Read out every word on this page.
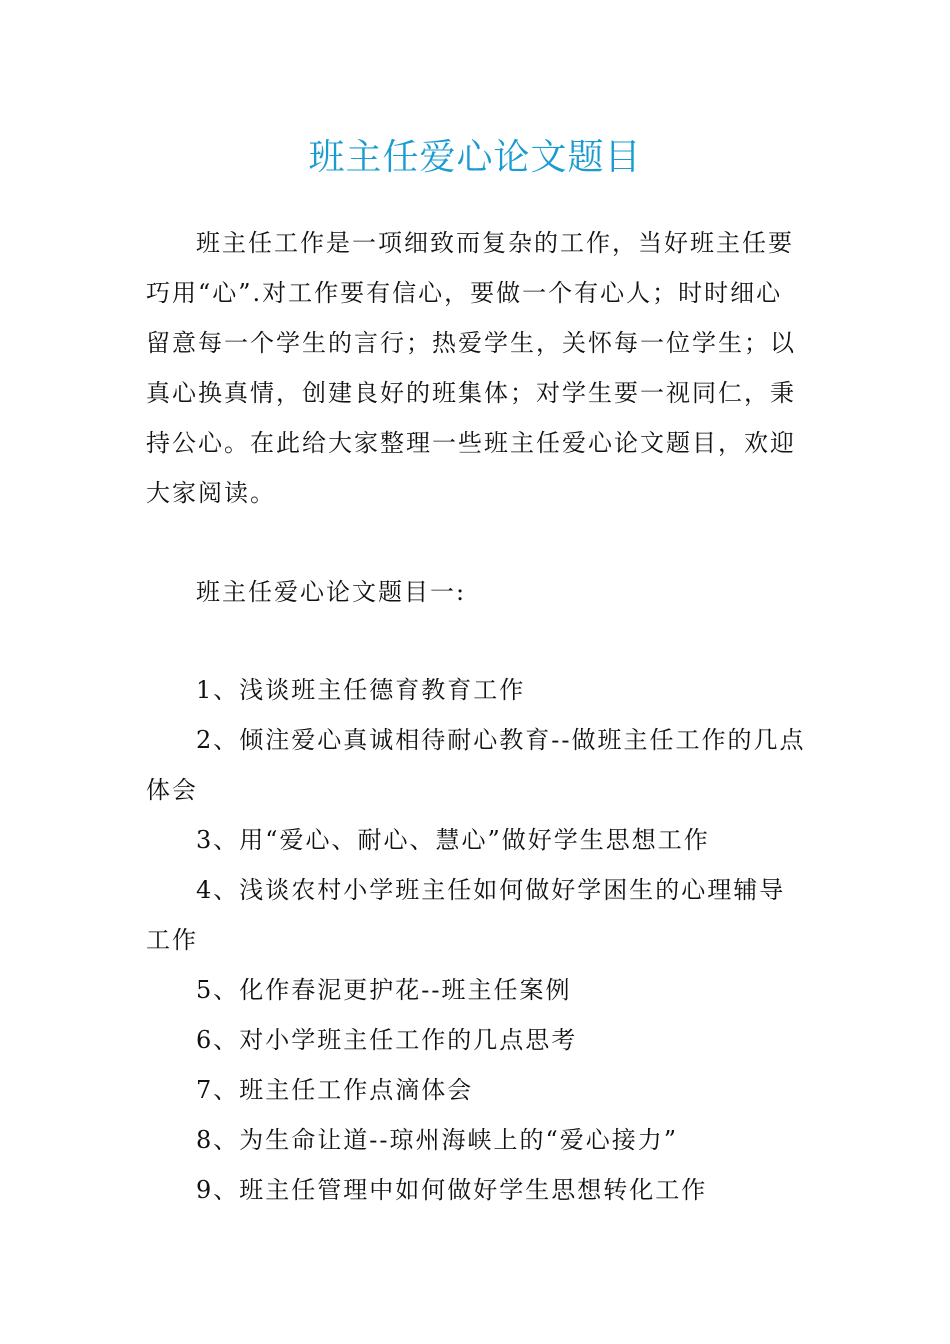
班主任爱心论文题目

班主任工作是一项细致而复杂的工作，当好班主任要巧用“心”.对工作要有信心，要做一个有心人；时时细心留意每一个学生的言行；热爱学生，关怀每一位学生；以真心换真情，创建良好的班集体；对学生要一视同仁，秉持公心。在此给大家整理一些班主任爱心论文题目，欢迎大家阅读。

班主任爱心论文题目一:

1、浅谈班主任德育教育工作
2、倾注爱心真诚相待耐心教育--做班主任工作的几点体会
3、用“爱心、耐心、慧心”做好学生思想工作
4、浅谈农村小学班主任如何做好学困生的心理辅导工作
5、化作春泥更护花--班主任案例
6、对小学班主任工作的几点思考
7、班主任工作点滴体会
8、为生命让道--琼州海峡上的“爱心接力”
9、班主任管理中如何做好学生思想转化工作
